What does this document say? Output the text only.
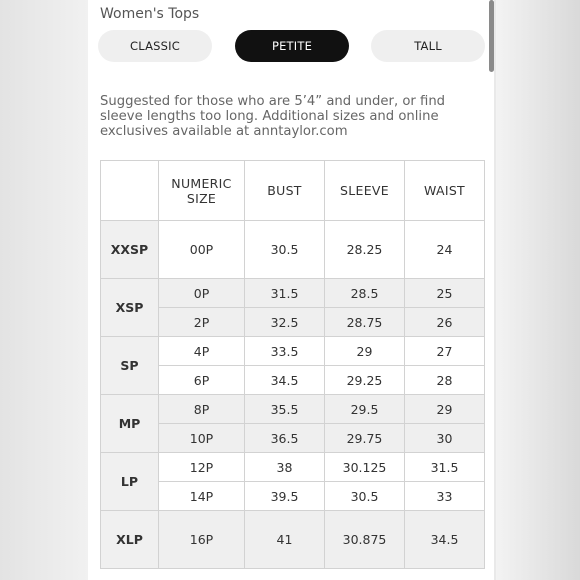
Women's Tops
CLASSIC	PETITE	TALL
Suggested for those who are 5’4” and under, or find sleeve lengths too long. Additional sizes and online exclusives available at anntaylor.com
	NUMERIC SIZE	BUST	SLEEVE	WAIST
XXSP	00P	30.5	28.25	24
XSP	0P	31.5	28.5	25
	2P	32.5	28.75	26
SP	4P	33.5	29	27
	6P	34.5	29.25	28
MP	8P	35.5	29.5	29
	10P	36.5	29.75	30
LP	12P	38	30.125	31.5
	14P	39.5	30.5	33
XLP	16P	41	30.875	34.5
